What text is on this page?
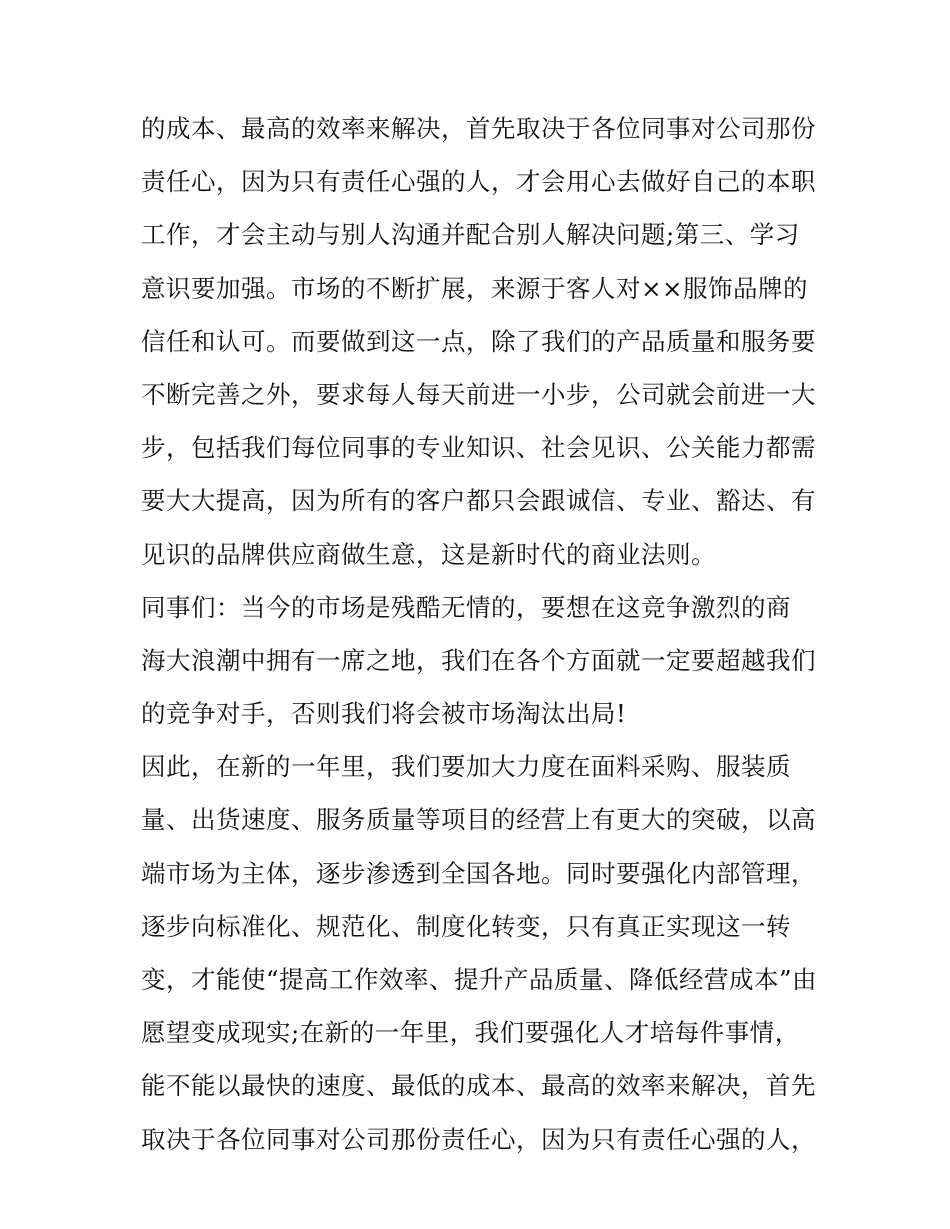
的成本、最高的效率来解决，首先取决于各位同事对公司那份
责任心，因为只有责任心强的人，才会用心去做好自己的本职
工作，才会主动与别人沟通并配合别人解决问题;第三、学习
意识要加强。市场的不断扩展，来源于客人对××服饰品牌的
信任和认可。而要做到这一点，除了我们的产品质量和服务要
不断完善之外，要求每人每天前进一小步，公司就会前进一大
步，包括我们每位同事的专业知识、社会见识、公关能力都需
要大大提高，因为所有的客户都只会跟诚信、专业、豁达、有
见识的品牌供应商做生意，这是新时代的商业法则。
同事们：当今的市场是残酷无情的，要想在这竞争激烈的商
海大浪潮中拥有一席之地，我们在各个方面就一定要超越我们
的竞争对手，否则我们将会被市场淘汰出局!
因此，在新的一年里，我们要加大力度在面料采购、服装质
量、出货速度、服务质量等项目的经营上有更大的突破，以高
端市场为主体，逐步渗透到全国各地。同时要强化内部管理，
逐步向标准化、规范化、制度化转变，只有真正实现这一转
变，才能使“提高工作效率、提升产品质量、降低经营成本”由
愿望变成现实;在新的一年里，我们要强化人才培每件事情，
能不能以最快的速度、最低的成本、最高的效率来解决，首先
取决于各位同事对公司那份责任心，因为只有责任心强的人，
